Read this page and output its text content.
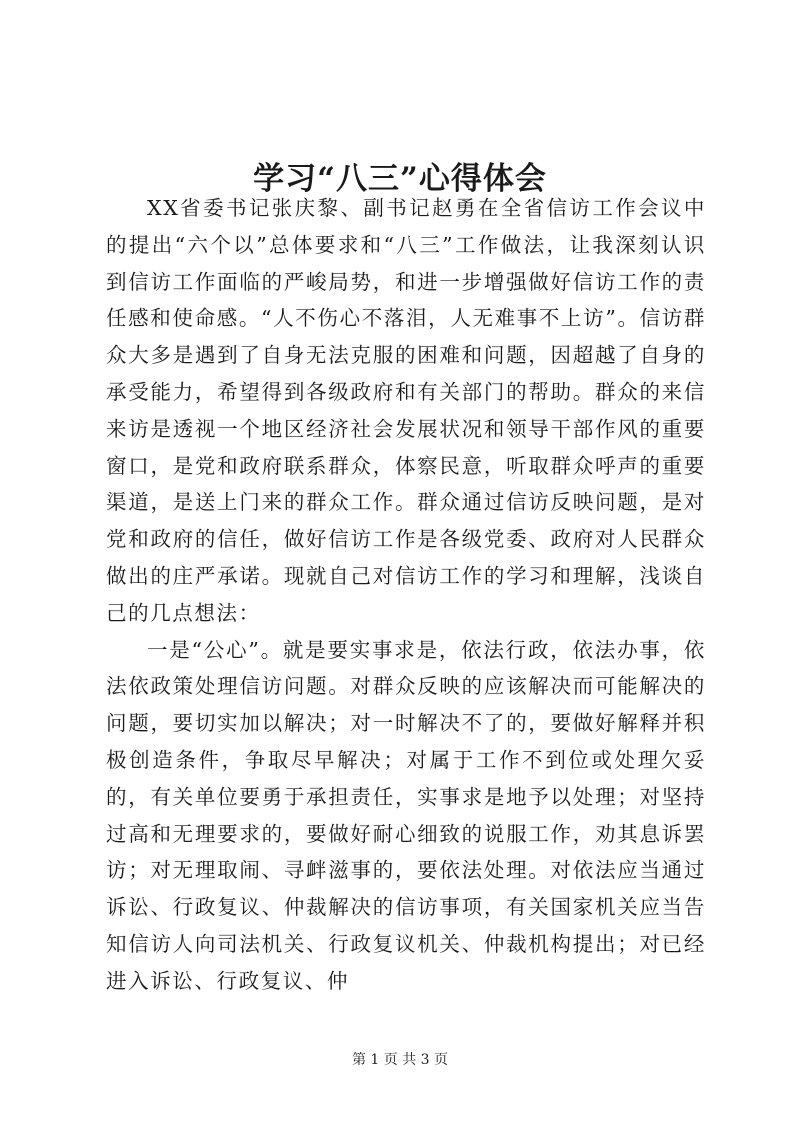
学习“八三”心得体会

XX省委书记张庆黎、副书记赵勇在全省信访工作会议中的提出“六个以”总体要求和“八三”工作做法，让我深刻认识到信访工作面临的严峻局势，和进一步增强做好信访工作的责任感和使命感。“人不伤心不落泪，人无难事不上访”。信访群众大多是遇到了自身无法克服的困难和问题，因超越了自身的承受能力，希望得到各级政府和有关部门的帮助。群众的来信来访是透视一个地区经济社会发展状况和领导干部作风的重要窗口，是党和政府联系群众，体察民意，听取群众呼声的重要渠道，是送上门来的群众工作。群众通过信访反映问题，是对党和政府的信任，做好信访工作是各级党委、政府对人民群众做出的庄严承诺。现就自己对信访工作的学习和理解，浅谈自己的几点想法：

一是“公心”。就是要实事求是，依法行政，依法办事，依法依政策处理信访问题。对群众反映的应该解决而可能解决的问题，要切实加以解决；对一时解决不了的，要做好解释并积极创造条件，争取尽早解决；对属于工作不到位或处理欠妥的，有关单位要勇于承担责任，实事求是地予以处理；对坚持过高和无理要求的，要做好耐心细致的说服工作，劝其息诉罢访；对无理取闹、寻衅滋事的，要依法处理。对依法应当通过诉讼、行政复议、仲裁解决的信访事项，有关国家机关应当告知信访人向司法机关、行政复议机关、仲裁机构提出；对已经进入诉讼、行政复议、仲

第 1 页 共 3 页
